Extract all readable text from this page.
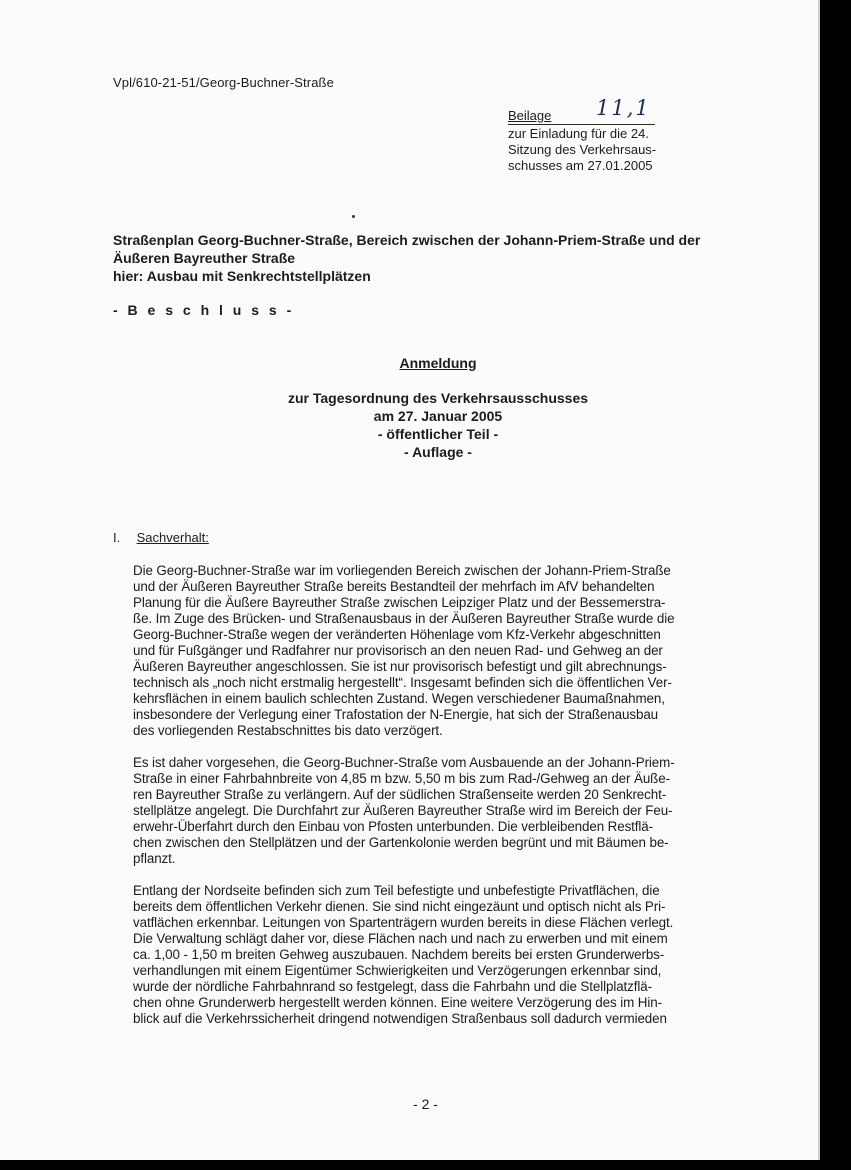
Vpl/610-21-51/Georg-Buchner-Straße
Beilage 11,1
zur Einladung für die 24.
Sitzung des Verkehrsaus-
schusses am 27.01.2005
Straßenplan Georg-Buchner-Straße, Bereich zwischen der Johann-Priem-Straße und der
Äußeren Bayreuther Straße
hier: Ausbau mit Senkrechtstellplätzen
- B e s c h l u s s -
Anmeldung
zur Tagesordnung des Verkehrsausschusses
am 27. Januar 2005
- öffentlicher Teil -
- Auflage -
I. Sachverhalt:

Die Georg-Buchner-Straße war im vorliegenden Bereich zwischen der Johann-Priem-Straße
und der Äußeren Bayreuther Straße bereits Bestandteil der mehrfach im AfV behandelten
Planung für die Äußere Bayreuther Straße zwischen Leipziger Platz und der Bessemerstra-
ße. Im Zuge des Brücken- und Straßenausbaus in der Äußeren Bayreuther Straße wurde die
Georg-Buchner-Straße wegen der veränderten Höhenlage vom Kfz-Verkehr abgeschnitten
und für Fußgänger und Radfahrer nur provisorisch an den neuen Rad- und Gehweg an der
Äußeren Bayreuther angeschlossen. Sie ist nur provisorisch befestigt und gilt abrechnungs-
technisch als „noch nicht erstmalig hergestellt“. Insgesamt befinden sich die öffentlichen Ver-
kehrsflächen in einem baulich schlechten Zustand. Wegen verschiedener Baumaßnahmen,
insbesondere der Verlegung einer Trafostation der N-Energie, hat sich der Straßenausbau
des vorliegenden Restabschnittes bis dato verzögert.

Es ist daher vorgesehen, die Georg-Buchner-Straße vom Ausbauende an der Johann-Priem-
Straße in einer Fahrbahnbreite von 4,85 m bzw. 5,50 m bis zum Rad-/Gehweg an der Äuße-
ren Bayreuther Straße zu verlängern. Auf der südlichen Straßenseite werden 20 Senkrecht-
stellplätze angelegt. Die Durchfahrt zur Äußeren Bayreuther Straße wird im Bereich der Feu-
erwehr-Überfahrt durch den Einbau von Pfosten unterbunden. Die verbleibenden Restflä-
chen zwischen den Stellplätzen und der Gartenkolonie werden begrünt und mit Bäumen be-
pflanzt.

Entlang der Nordseite befinden sich zum Teil befestigte und unbefestigte Privatflächen, die
bereits dem öffentlichen Verkehr dienen. Sie sind nicht eingezäunt und optisch nicht als Pri-
vatflächen erkennbar. Leitungen von Spartenträgern wurden bereits in diese Flächen verlegt.
Die Verwaltung schlägt daher vor, diese Flächen nach und nach zu erwerben und mit einem
ca. 1,00 - 1,50 m breiten Gehweg auszubauen. Nachdem bereits bei ersten Grunderwerbs-
verhandlungen mit einem Eigentümer Schwierigkeiten und Verzögerungen erkennbar sind,
wurde der nördliche Fahrbahnrand so festgelegt, dass die Fahrbahn und die Stellplatzflä-
chen ohne Grunderwerb hergestellt werden können. Eine weitere Verzögerung des im Hin-
blick auf die Verkehrssicherheit dringend notwendigen Straßenbaus soll dadurch vermieden

- 2 -
